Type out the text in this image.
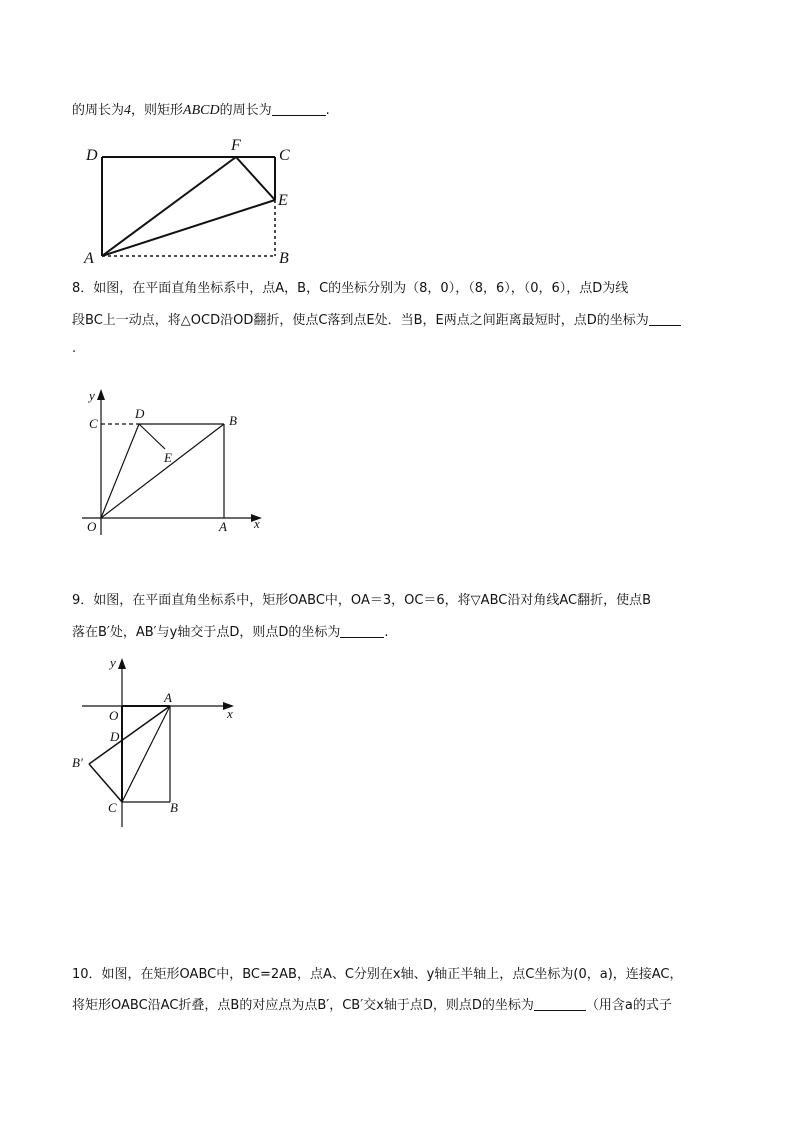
的周长为4，则矩形ABCD的周长为	.
D
F
C
E
A	B
8．如图，在平面直角坐标系中，点A，B，C的坐标分别为（8，0），（8，6），（0，6），点D为线
段BC上一动点，将△OCD沿OD翻折，使点C落到点E处．当B，E两点之间距离最短时，点D的坐标为
.
y
C
D	B
E
O	A x
9．如图，在平面直角坐标系中，矩形OABC中，OA＝3，OC＝6，将▽ABC沿对角线AC翻折，使点B
落在B′处，AB′与y轴交于点D，则点D的坐标为	.
y
A
x
O
D
B′
C	B
10．如图，在矩形OABC中，BC=2AB，点A、C分别在x轴、y轴正半轴上，点C坐标为(0，a)，连接AC，
将矩形OABC沿AC折叠，点B的对应点为点B′，CB′交x轴于点D，则点D的坐标为	（用含a的式子
